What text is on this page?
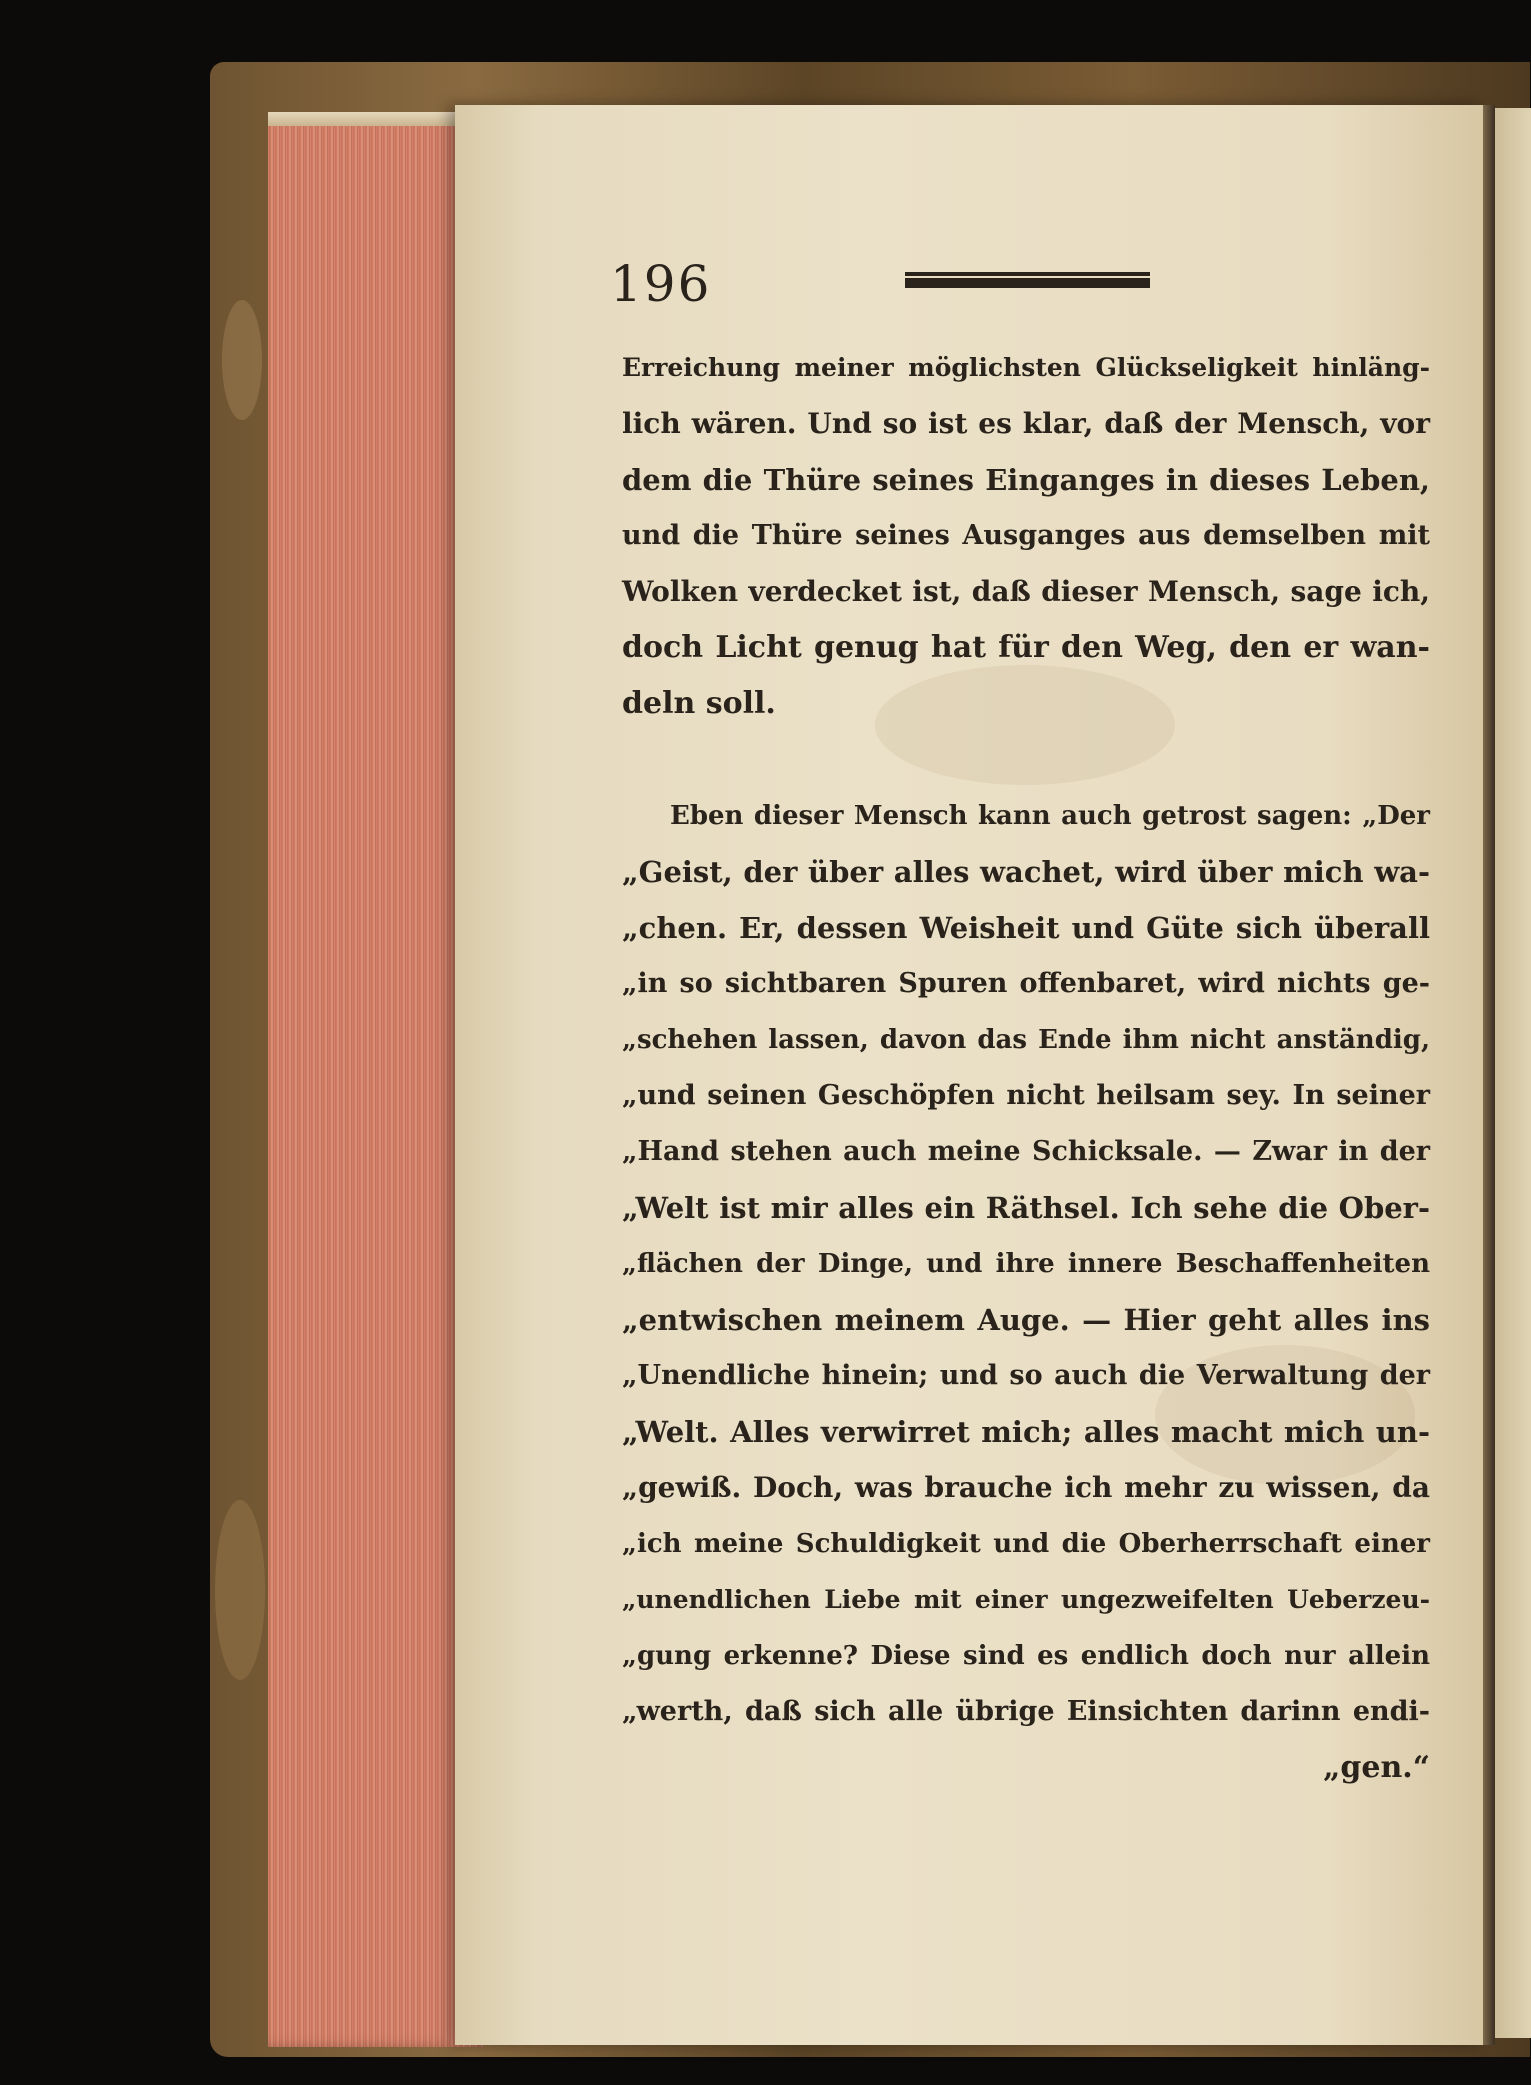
196
Erreichung meiner möglichsten Glückseligkeit hinläng-
lich wären. Und so ist es klar, daß der Mensch, vor
dem die Thüre seines Einganges in dieses Leben,
und die Thüre seines Ausganges aus demselben mit
Wolken verdecket ist, daß dieser Mensch, sage ich,
doch Licht genug hat für den Weg, den er wan-
deln soll.
Eben dieser Mensch kann auch getrost sagen: „Der
„Geist, der über alles wachet, wird über mich wa-
„chen. Er, dessen Weisheit und Güte sich überall
„in so sichtbaren Spuren offenbaret, wird nichts ge-
„schehen lassen, davon das Ende ihm nicht anständig,
„und seinen Geschöpfen nicht heilsam sey. In seiner
„Hand stehen auch meine Schicksale. — Zwar in der
„Welt ist mir alles ein Räthsel. Ich sehe die Ober-
„flächen der Dinge, und ihre innere Beschaffenheiten
„entwischen meinem Auge. — Hier geht alles ins
„Unendliche hinein; und so auch die Verwaltung der
„Welt. Alles verwirret mich; alles macht mich un-
„gewiß. Doch, was brauche ich mehr zu wissen, da
„ich meine Schuldigkeit und die Oberherrschaft einer
„unendlichen Liebe mit einer ungezweifelten Ueberzeu-
„gung erkenne? Diese sind es endlich doch nur allein
„werth, daß sich alle übrige Einsichten darinn endi-
„gen.“
